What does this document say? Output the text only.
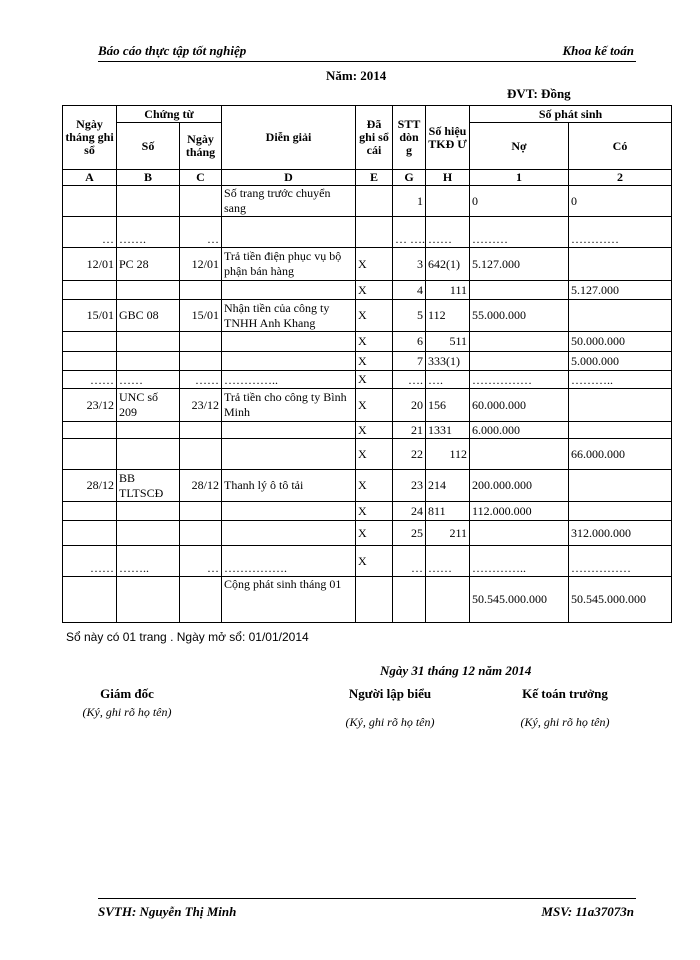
Báo cáo thực tập tốt nghiệp	Khoa kế toán
Năm: 2014
ĐVT: Đồng
Ngày tháng ghi sổ	Chứng từ		Diễn giải	Đã ghi sổ cái	STT dòn g	Số hiệu TKĐ Ư	Số phát sinh	
	Số	Ngày tháng					Nợ	Có
A	B	C	D	E	G	H	1	2
			Số trang trước chuyển sang		1		0	0
…	…….	…			… ….	……	………	…………
12/01	PC 28	12/01	Trả tiền điện phục vụ bộ phận bán hàng	X	3	642(1)	5.127.000	
				X	4	111		5.127.000
15/01	GBC 08	15/01	Nhận tiền của công ty TNHH Anh Khang	X	5	112	55.000.000	
				X	6	511		50.000.000
				X	7	333(1)		5.000.000
……	……	……	…………..	X	….	….	……………	………..
23/12	UNC số 209	23/12	Trả tiền cho công ty Bình Minh	X	20	156	60.000.000	
				X	21	1331	6.000.000	
				X	22	112		66.000.000
28/12	BB TLTSCĐ	28/12	Thanh lý ô tô tải	X	23	214	200.000.000	
				X	24	811	112.000.000	
				X	25	211		312.000.000
……	……..	…	…………….	X	…	……	…………..	……………
			Cộng phát sinh tháng 01				50.545.000.000	50.545.000.000
Sổ này có 01 trang . Ngày mở sổ: 01/01/2014
Ngày 31 tháng 12 năm 2014
Giám đốc
(Ký, ghi rõ họ tên)
Người lập biểu
(Ký, ghi rõ họ tên)
Kế toán trưởng
(Ký, ghi rõ họ tên)
SVTH: Nguyễn Thị Minh	MSV: 11a37073n
